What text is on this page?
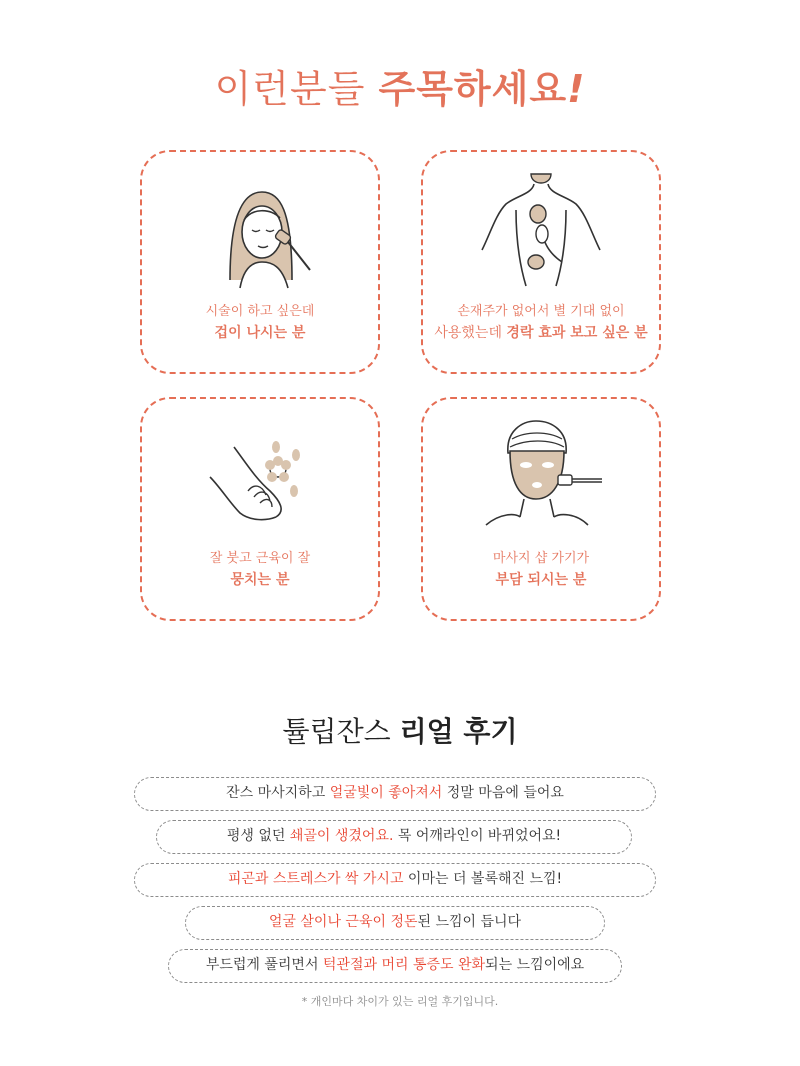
이런분들 주목하세요!
시술이 하고 싶은데
겁이 나시는 분
손재주가 없어서 별 기대 없이
사용했는데 경락 효과 보고 싶은 분
잘 붓고 근육이 잘
뭉치는 분
마사지 샵 가기가
부담 되시는 분
튤립잔스 리얼 후기
잔스 마사지하고 얼굴빛이 좋아져서 정말 마음에 들어요
평생 없던 쇄골이 생겼어요. 목 어깨라인이 바뀌었어요!
피곤과 스트레스가 싹 가시고 이마는 더 볼록해진 느낌!
얼굴 살이나 근육이 정돈된 느낌이 듭니다
부드럽게 풀리면서 턱관절과 머리 통증도 완화되는 느낌이에요
* 개인마다 차이가 있는 리얼 후기입니다.
